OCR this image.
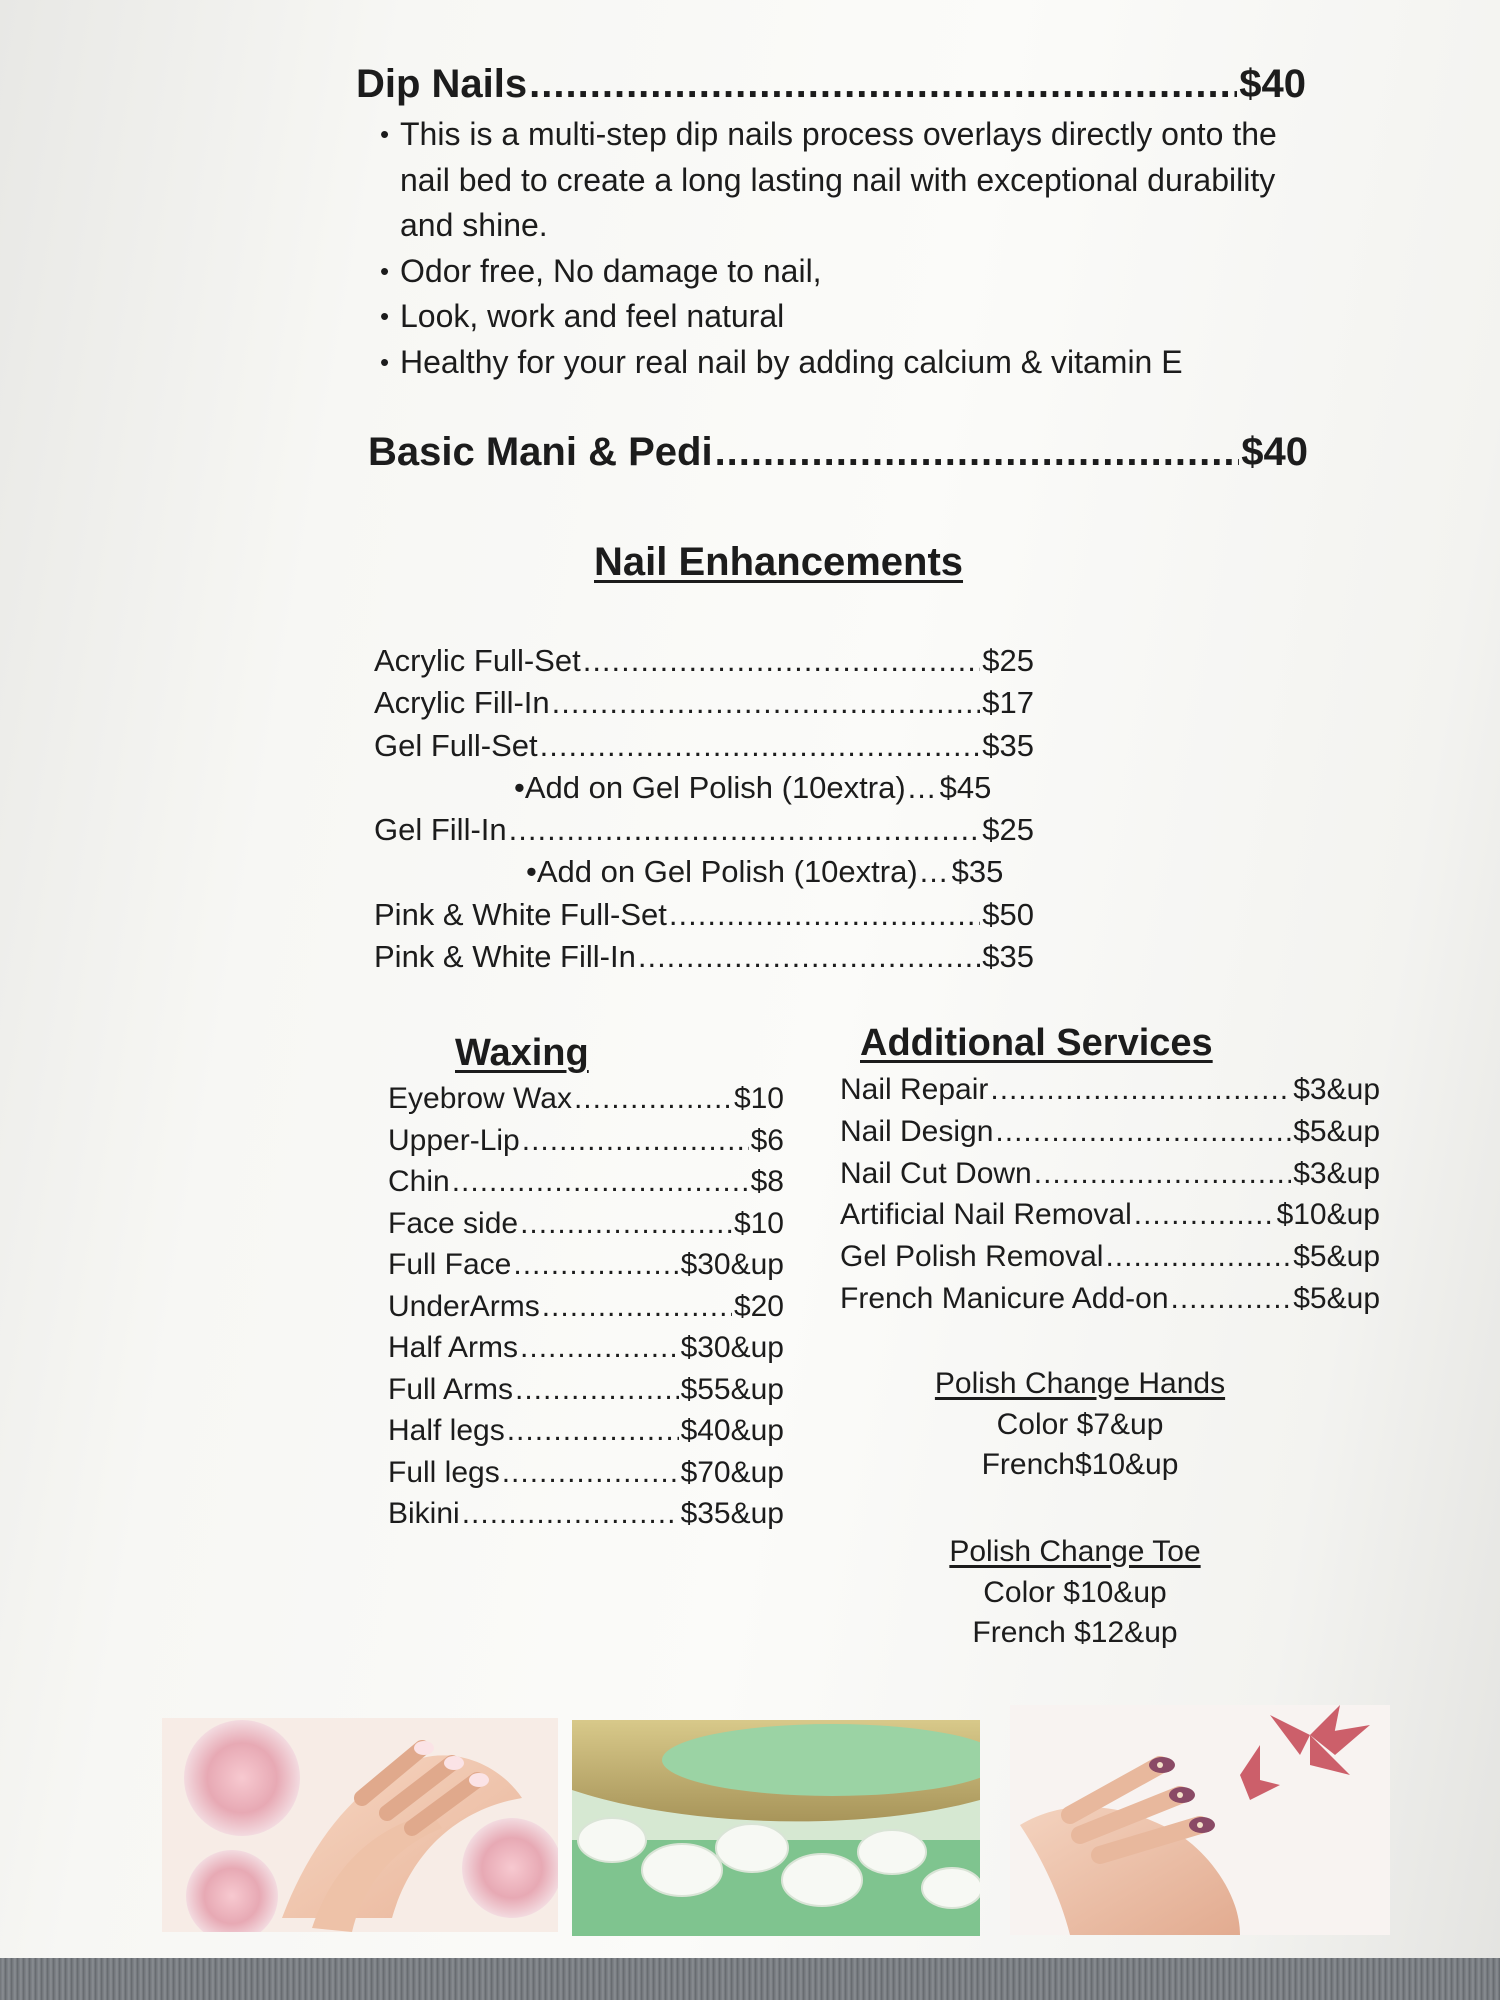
Dip Nails .....	$40
• This is a multi-step dip nails process overlays directly onto the nail bed to create a long lasting nail with exceptional durability and shine.
• Odor free, No damage to nail,
• Look, work and feel natural
• Healthy for your real nail by adding calcium & vitamin E
Basic Mani & Pedi .....	$40
Nail Enhancements
Acrylic Full-Set .....	$25
Acrylic Fill-In .....	$17
Gel Full-Set .....	$35
•Add on Gel Polish (10extra) ..... $45
Gel Fill-In .....	$25
•Add on Gel Polish (10extra) ..... $35
Pink & White Full-Set .....	$50
Pink & White Fill-In .....	$35
Waxing
Eyebrow Wax .....	$10
Upper-Lip .....	$6
Chin .....	$8
Face side .....	$10
Full Face .....	$30&up
UnderArms .....	$20
Half Arms .....	$30&up
Full Arms .....	$55&up
Half legs .....	$40&up
Full legs .....	$70&up
Bikini .....	$35&up
Additional Services
Nail Repair .....	$3&up
Nail Design .....	$5&up
Nail Cut Down .....	$3&up
Artificial Nail Removal .....	$10&up
Gel Polish Removal .....	$5&up
French Manicure Add-on .....	$5&up
Polish Change Hands
Color $7&up
French$10&up
Polish Change Toe
Color $10&up
French $12&up
